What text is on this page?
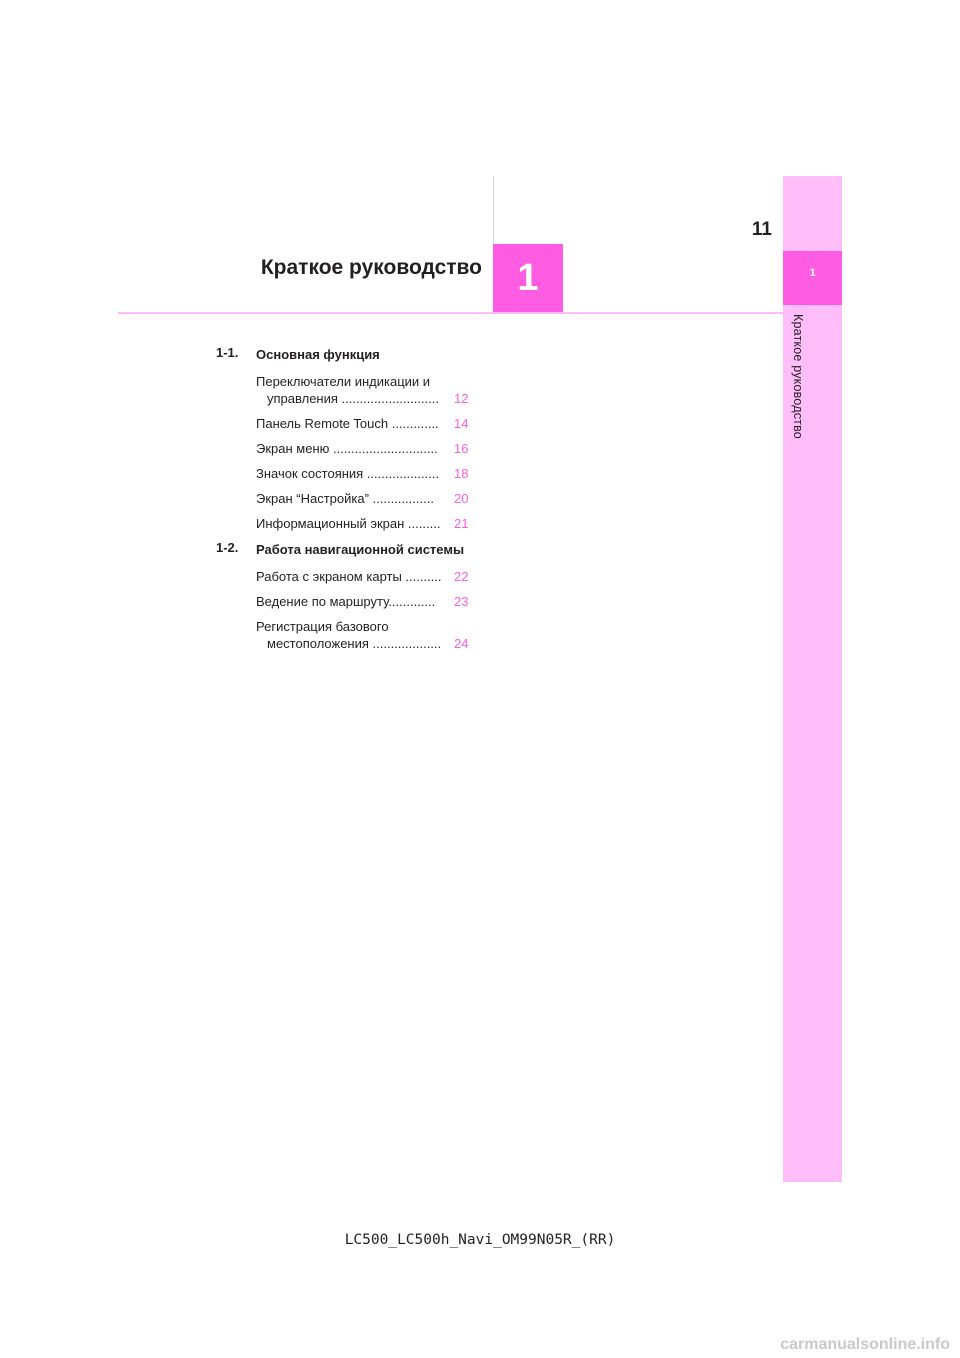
1
Краткое руководство
11
1
Краткое руководство
1-1. Основная функция
Переключатели индикации и управления ...........................	12
Панель Remote Touch .............	14
Экран меню .............................	16
Значок состояния ....................	18
Экран “Настройка” .................	20
Информационный экран .........	21
1-2. Работа навигационной системы
Работа с экраном карты .......... 22
Ведение по маршруту.............	23
Регистрация базового местоположения ................... 24
LC500_LC500h_Navi_OM99N05R_(RR)
carmanualsonline.info
